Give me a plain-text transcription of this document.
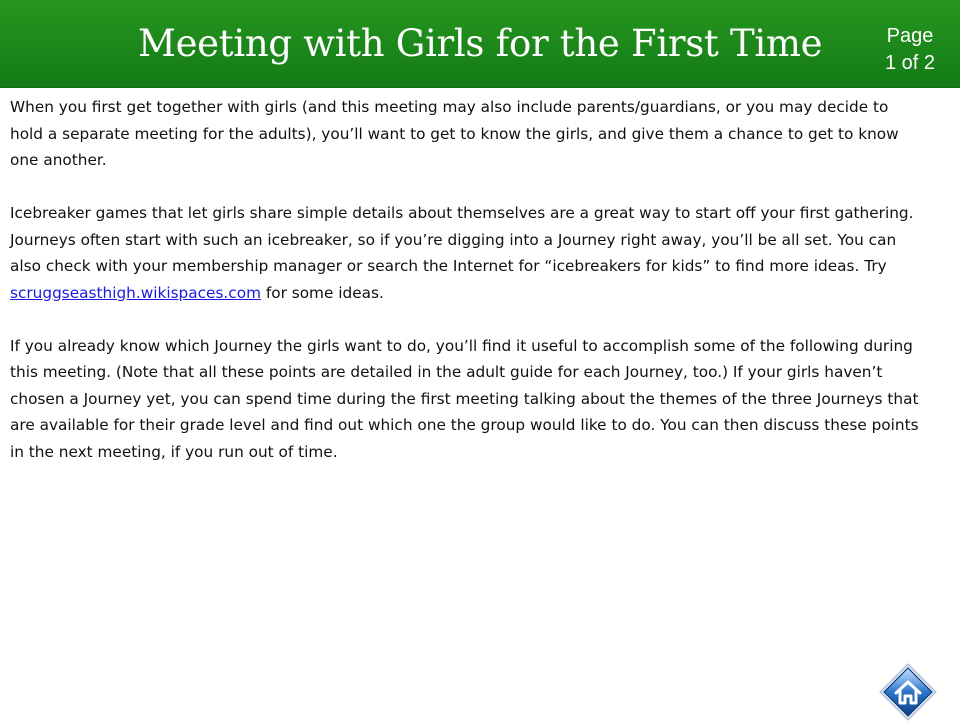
Meeting with Girls for the First Time	Page
1 of 2

When you first get together with girls (and this meeting may also include parents/guardians, or you may decide to hold a separate meeting for the adults), you’ll want to get to know the girls, and give them a chance to get to know one another.

Icebreaker games that let girls share simple details about themselves are a great way to start off your first gathering. Journeys often start with such an icebreaker, so if you’re digging into a Journey right away, you’ll be all set. You can also check with your membership manager or search the Internet for “icebreakers for kids” to find more ideas. Try scruggseasthigh.wikispaces.com for some ideas.

If you already know which Journey the girls want to do, you’ll find it useful to accomplish some of the following during this meeting. (Note that all these points are detailed in the adult guide for each Journey, too.) If your girls haven’t chosen a Journey yet, you can spend time during the first meeting talking about the themes of the three Journeys that are available for their grade level and find out which one the group would like to do. You can then discuss these points in the next meeting, if you run out of time.
